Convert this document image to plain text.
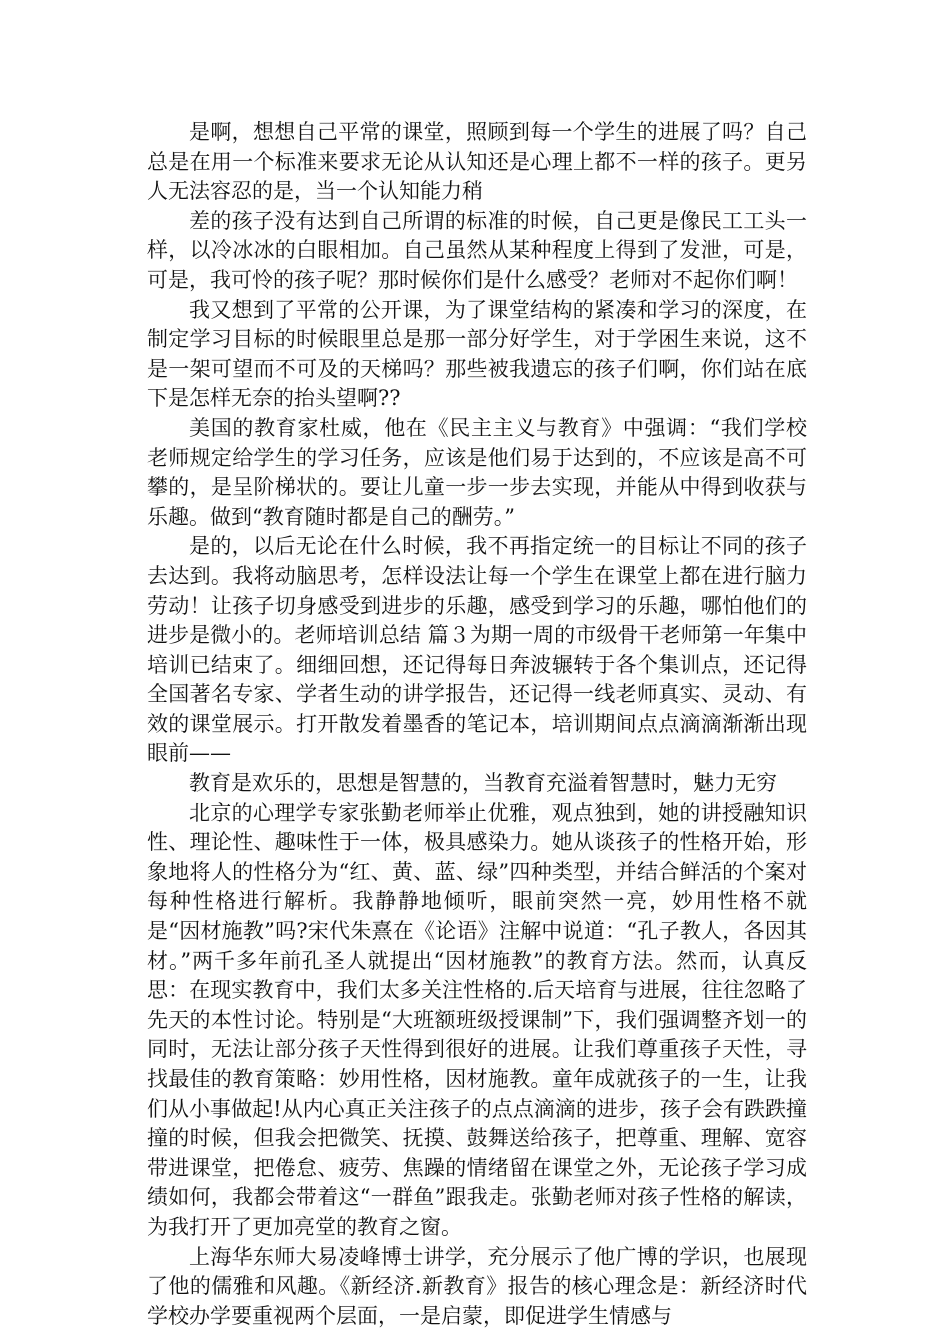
是啊，想想自己平常的课堂，照顾到每一个学生的进展了吗？自己总是在用一个标准来要求无论从认知还是心理上都不一样的孩子。更另人无法容忍的是，当一个认知能力稍

差的孩子没有达到自己所谓的标准的时候，自己更是像民工工头一样，以冷冰冰的白眼相加。自己虽然从某种程度上得到了发泄，可是，可是，我可怜的孩子呢？那时候你们是什么感受？老师对不起你们啊！

我又想到了平常的公开课，为了课堂结构的紧凑和学习的深度，在制定学习目标的时候眼里总是那一部分好学生，对于学困生来说，这不是一架可望而不可及的天梯吗？那些被我遗忘的孩子们啊，你们站在底下是怎样无奈的抬头望啊??

美国的教育家杜威，他在《民主主义与教育》中强调：“我们学校老师规定给学生的学习任务，应该是他们易于达到的，不应该是高不可攀的，是呈阶梯状的。要让儿童一步一步去实现，并能从中得到收获与乐趣。做到“教育随时都是自己的酬劳。”

是的，以后无论在什么时候，我不再指定统一的目标让不同的孩子去达到。我将动脑思考，怎样设法让每一个学生在课堂上都在进行脑力劳动！让孩子切身感受到进步的乐趣，感受到学习的乐趣，哪怕他们的进步是微小的。老师培训总结 篇３为期一周的市级骨干老师第一年集中培训已结束了。细细回想，还记得每日奔波辗转于各个集训点，还记得全国著名专家、学者生动的讲学报告，还记得一线老师真实、灵动、有效的课堂展示。打开散发着墨香的笔记本，培训期间点点滴滴渐渐出现眼前——

教育是欢乐的，思想是智慧的，当教育充溢着智慧时，魅力无穷

北京的心理学专家张勤老师举止优雅，观点独到，她的讲授融知识性、理论性、趣味性于一体，极具感染力。她从谈孩子的性格开始，形象地将人的性格分为“红、黄、蓝、绿”四种类型，并结合鲜活的个案对每种性格进行解析。我静静地倾听，眼前突然一亮，妙用性格不就是“因材施教”吗?宋代朱熹在《论语》注解中说道：“孔子教人，各因其材。”两千多年前孔圣人就提出“因材施教”的教育方法。然而，认真反思：在现实教育中，我们太多关注性格的.后天培育与进展，往往忽略了先天的本性讨论。特别是“大班额班级授课制”下，我们强调整齐划一的同时，无法让部分孩子天性得到很好的进展。让我们尊重孩子天性，寻找最佳的教育策略：妙用性格，因材施教。童年成就孩子的一生，让我们从小事做起!从内心真正关注孩子的点点滴滴的进步，孩子会有跌跌撞撞的时候，但我会把微笑、抚摸、鼓舞送给孩子，把尊重、理解、宽容带进课堂，把倦怠、疲劳、焦躁的情绪留在课堂之外，无论孩子学习成绩如何，我都会带着这“一群鱼”跟我走。张勤老师对孩子性格的解读，为我打开了更加亮堂的教育之窗。

上海华东师大易凌峰博士讲学，充分展示了他广博的学识，也展现了他的儒雅和风趣。《新经济.新教育》报告的核心理念是：新经济时代学校办学要重视两个层面，一是启蒙，即促进学生情感与
